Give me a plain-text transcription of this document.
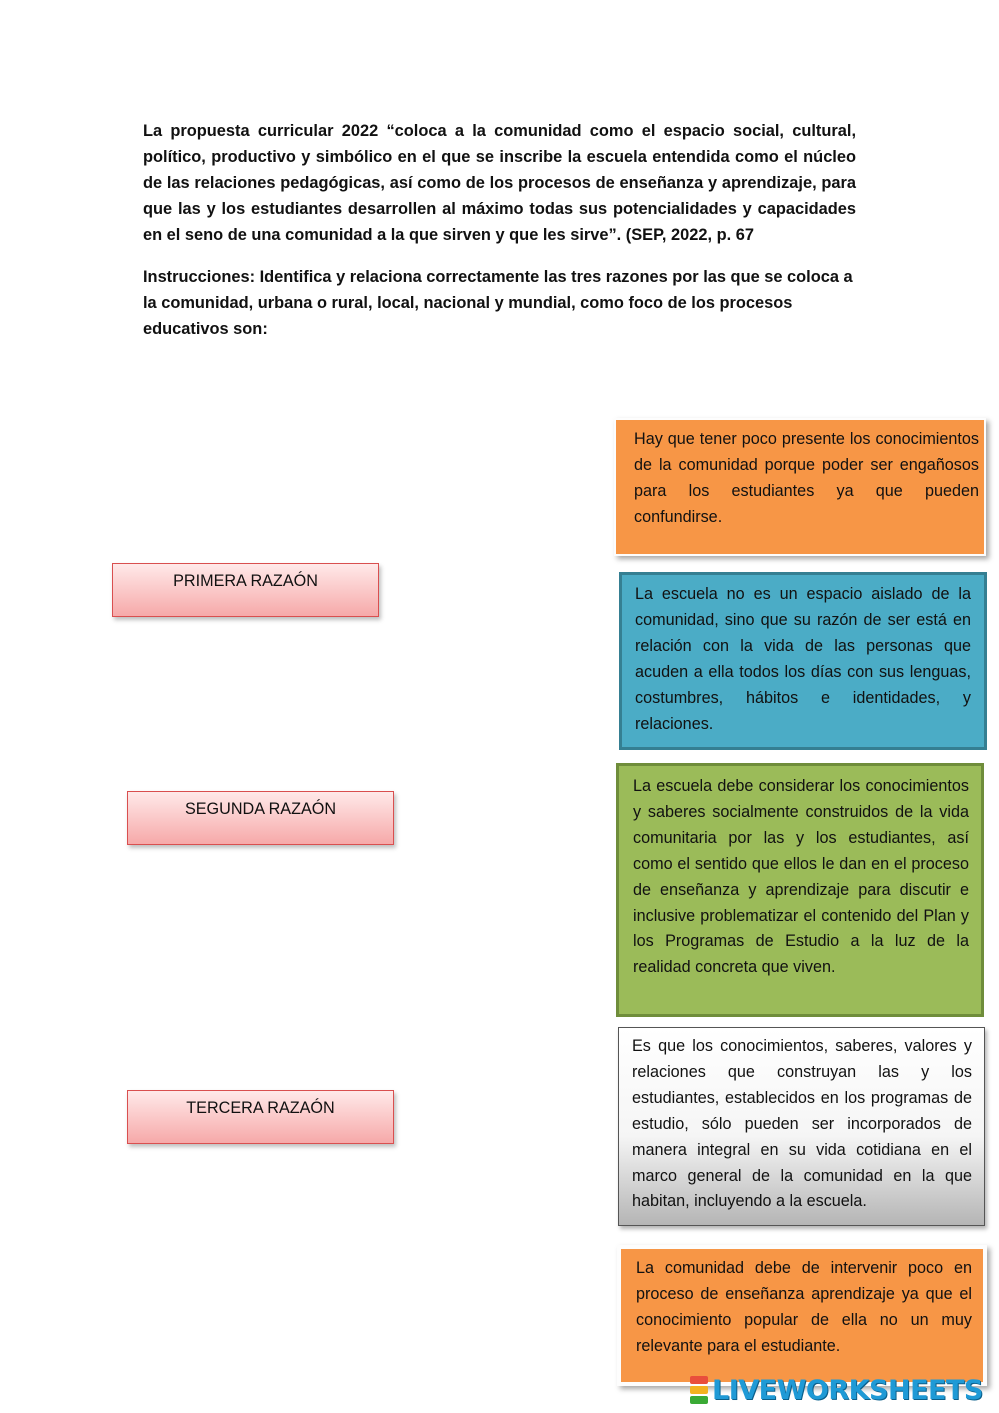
La propuesta curricular 2022 “coloca a la comunidad como el espacio social, cultural, político, productivo y simbólico en el que se inscribe la escuela entendida como el núcleo de las relaciones pedagógicas, así como de los procesos de enseñanza y aprendizaje, para que las y los estudiantes desarrollen al máximo todas sus potencialidades y capacidades en el seno de una comunidad a la que sirven y que les sirve”. (SEP, 2022, p. 67

Instrucciones: Identifica y relaciona correctamente las tres razones por las que se coloca a la comunidad, urbana o rural, local, nacional y mundial, como foco de los procesos educativos son:

PRIMERA RAZAÓN
SEGUNDA RAZAÓN
TERCERA RAZAÓN

Hay que tener poco presente los conocimientos de la comunidad porque poder ser engañosos para los estudiantes ya que pueden confundirse.

La escuela no es un espacio aislado de la comunidad, sino que su razón de ser está en relación con la vida de las personas que acuden a ella todos los días con sus lenguas, costumbres, hábitos e identidades, y relaciones.

La escuela debe considerar los conocimientos y saberes socialmente construidos de la vida comunitaria por las y los estudiantes, así como el sentido que ellos le dan en el proceso de enseñanza y aprendizaje para discutir e inclusive problematizar el contenido del Plan y los Programas de Estudio a la luz de la realidad concreta que viven.

Es que los conocimientos, saberes, valores y relaciones que construyan las y los estudiantes, establecidos en los programas de estudio, sólo pueden ser incorporados de manera integral en su vida cotidiana en el marco general de la comunidad en la que habitan, incluyendo a la escuela.

La comunidad debe de intervenir poco en proceso de enseñanza aprendizaje ya que el conocimiento popular de ella no un muy relevante para el estudiante.

LIVEWORKSHEETS
